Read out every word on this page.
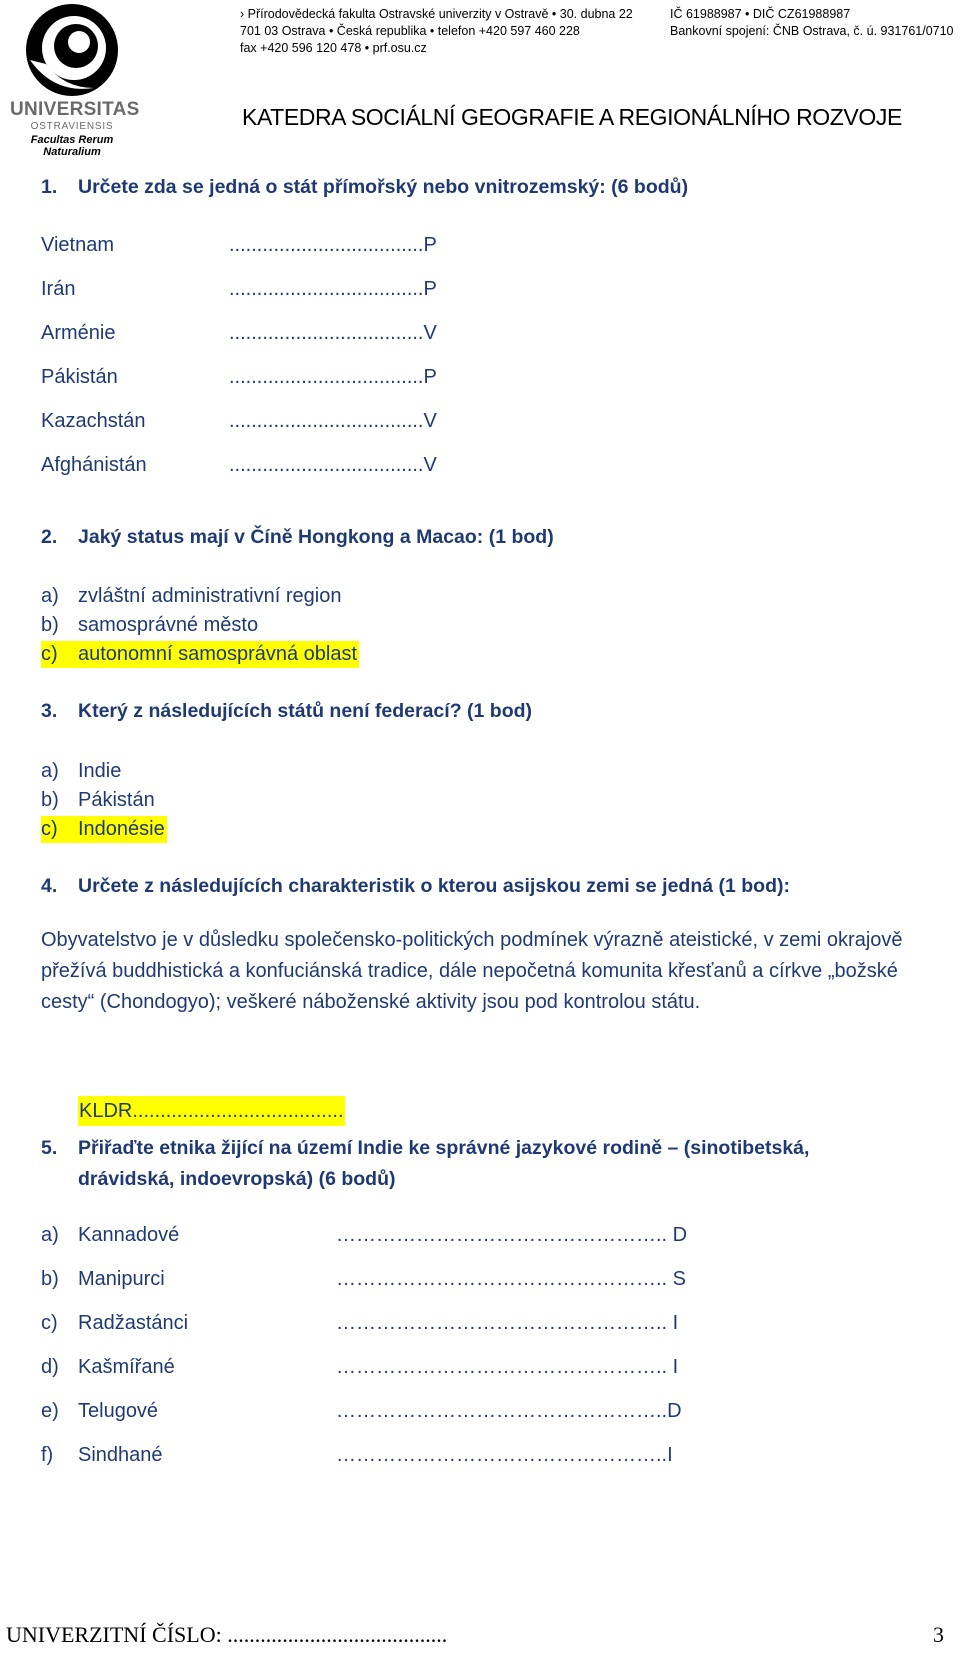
UNIVERSITAS
OSTRAVIENSIS
Facultas Rerum Naturalium
› Přírodovědecká fakulta Ostravské univerzity v Ostravě • 30. dubna 22
701 03 Ostrava • Česká republika • telefon +420 597 460 228
fax +420 596 120 478 • prf.osu.cz
IČ 61988987 • DIČ CZ61988987
Bankovní spojení: ČNB Ostrava, č. ú. 931761/0710
KATEDRA SOCIÁLNÍ GEOGRAFIE A REGIONÁLNÍHO ROZVOJE
1. Určete zda se jedná o stát přímořský nebo vnitrozemský: (6 bodů)
Vietnam	...................................P
Irán	...................................P
Arménie	...................................V
Pákistán	...................................P
Kazachstán	...................................V
Afghánistán	...................................V
2. Jaký status mají v Číně Hongkong a Macao: (1 bod)
a) zvláštní administrativní region
b) samosprávné město
c) autonomní samosprávná oblast
3. Který z následujících států není federací? (1 bod)
a) Indie
b) Pákistán
c) Indonésie
4. Určete z následujících charakteristik o kterou asijskou zemi se jedná (1 bod):
Obyvatelstvo je v důsledku společensko-politických podmínek výrazně ateistické, v zemi okrajově přežívá buddhistická a konfuciánská tradice, dále nepočetná komunita křesťanů a církve „božské cesty“ (Chondogyo); veškeré náboženské aktivity jsou pod kontrolou státu.
KLDR......................................
5. Přiřaďte etnika žijící na území Indie ke správné jazykové rodině – (sinotibetská,
drávidská, indoevropská) (6 bodů)
a) Kannadové	………………………………………….. D
b) Manipurci	………………………………………….. S
c) Radžastánci	………………………………………….. I
d) Kašmířané	………………………………………….. I
e) Telugové	…………………………………………..D
f) Sindhané	…………………………………………..I
UNIVERZITNÍ ČÍSLO: ........................................	3
